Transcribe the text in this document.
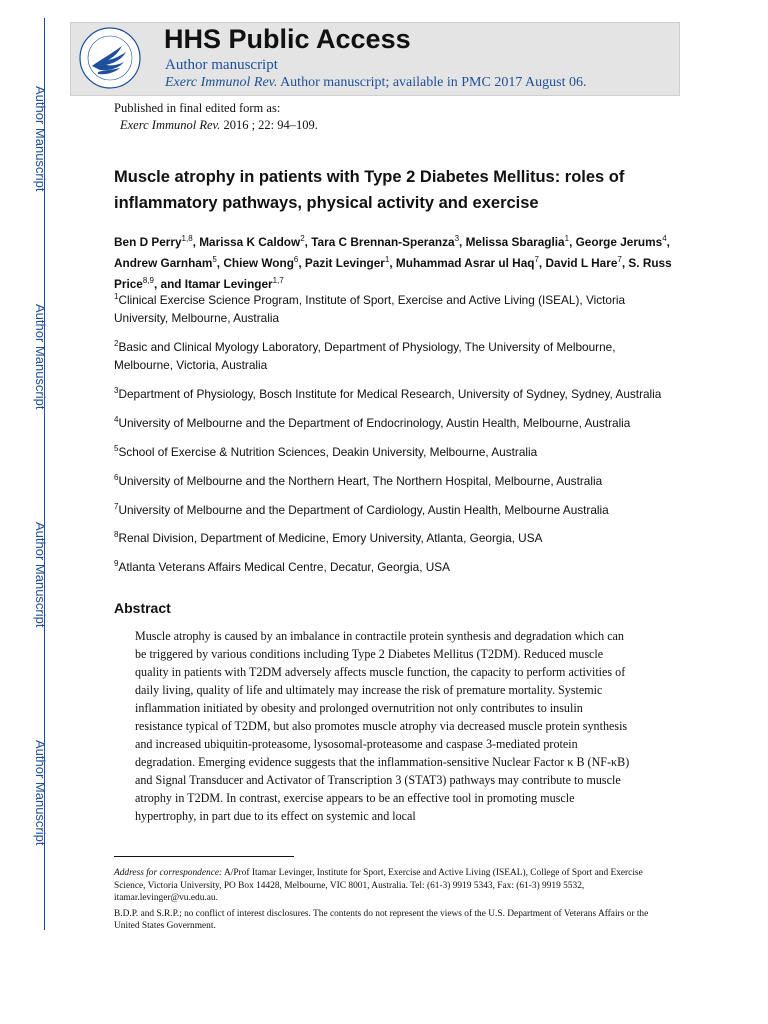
Author Manuscript
Author Manuscript
Author Manuscript
Author Manuscript
HHS Public Access
Author manuscript
Exerc Immunol Rev. Author manuscript; available in PMC 2017 August 06.
Published in final edited form as:
Exerc Immunol Rev. 2016 ; 22: 94–109.
Muscle atrophy in patients with Type 2 Diabetes Mellitus: roles of inflammatory pathways, physical activity and exercise
Ben D Perry$^{1,8}$, Marissa K Caldow$^2$, Tara C Brennan-Speranza$^3$, Melissa Sbaraglia$^1$, George Jerums$^4$, Andrew Garnham$^5$, Chiew Wong$^6$, Pazit Levinger$^1$, Muhammad Asrar ul Haq$^7$, David L Hare$^7$, S. Russ Price$^{8,9}$, and Itamar Levinger$^{1,7}$
$^1$Clinical Exercise Science Program, Institute of Sport, Exercise and Active Living (ISEAL), Victoria University, Melbourne, Australia
$^2$Basic and Clinical Myology Laboratory, Department of Physiology, The University of Melbourne, Melbourne, Victoria, Australia
$^3$Department of Physiology, Bosch Institute for Medical Research, University of Sydney, Sydney, Australia
$^4$University of Melbourne and the Department of Endocrinology, Austin Health, Melbourne, Australia
$^5$School of Exercise & Nutrition Sciences, Deakin University, Melbourne, Australia
$^6$University of Melbourne and the Northern Heart, The Northern Hospital, Melbourne, Australia
$^7$University of Melbourne and the Department of Cardiology, Austin Health, Melbourne Australia
$^8$Renal Division, Department of Medicine, Emory University, Atlanta, Georgia, USA
$^9$Atlanta Veterans Affairs Medical Centre, Decatur, Georgia, USA
Abstract
Muscle atrophy is caused by an imbalance in contractile protein synthesis and degradation which can be triggered by various conditions including Type 2 Diabetes Mellitus (T2DM). Reduced muscle quality in patients with T2DM adversely affects muscle function, the capacity to perform activities of daily living, quality of life and ultimately may increase the risk of premature mortality. Systemic inflammation initiated by obesity and prolonged overnutrition not only contributes to insulin resistance typical of T2DM, but also promotes muscle atrophy via decreased muscle protein synthesis and increased ubiquitin-proteasome, lysosomal-proteasome and caspase 3-mediated protein degradation. Emerging evidence suggests that the inflammation-sensitive Nuclear Factor κ B (NF-κB) and Signal Transducer and Activator of Transcription 3 (STAT3) pathways may contribute to muscle atrophy in T2DM. In contrast, exercise appears to be an effective tool in promoting muscle hypertrophy, in part due to its effect on systemic and local

Address for correspondence: A/Prof Itamar Levinger, Institute for Sport, Exercise and Active Living (ISEAL), College of Sport and Exercise Science, Victoria University, PO Box 14428, Melbourne, VIC 8001, Australia. Tel: (61-3) 9919 5343, Fax: (61-3) 9919 5532, itamar.levinger@vu.edu.au.

B.D.P. and S.R.P.; no conflict of interest disclosures. The contents do not represent the views of the U.S. Department of Veterans Affairs or the United States Government.
